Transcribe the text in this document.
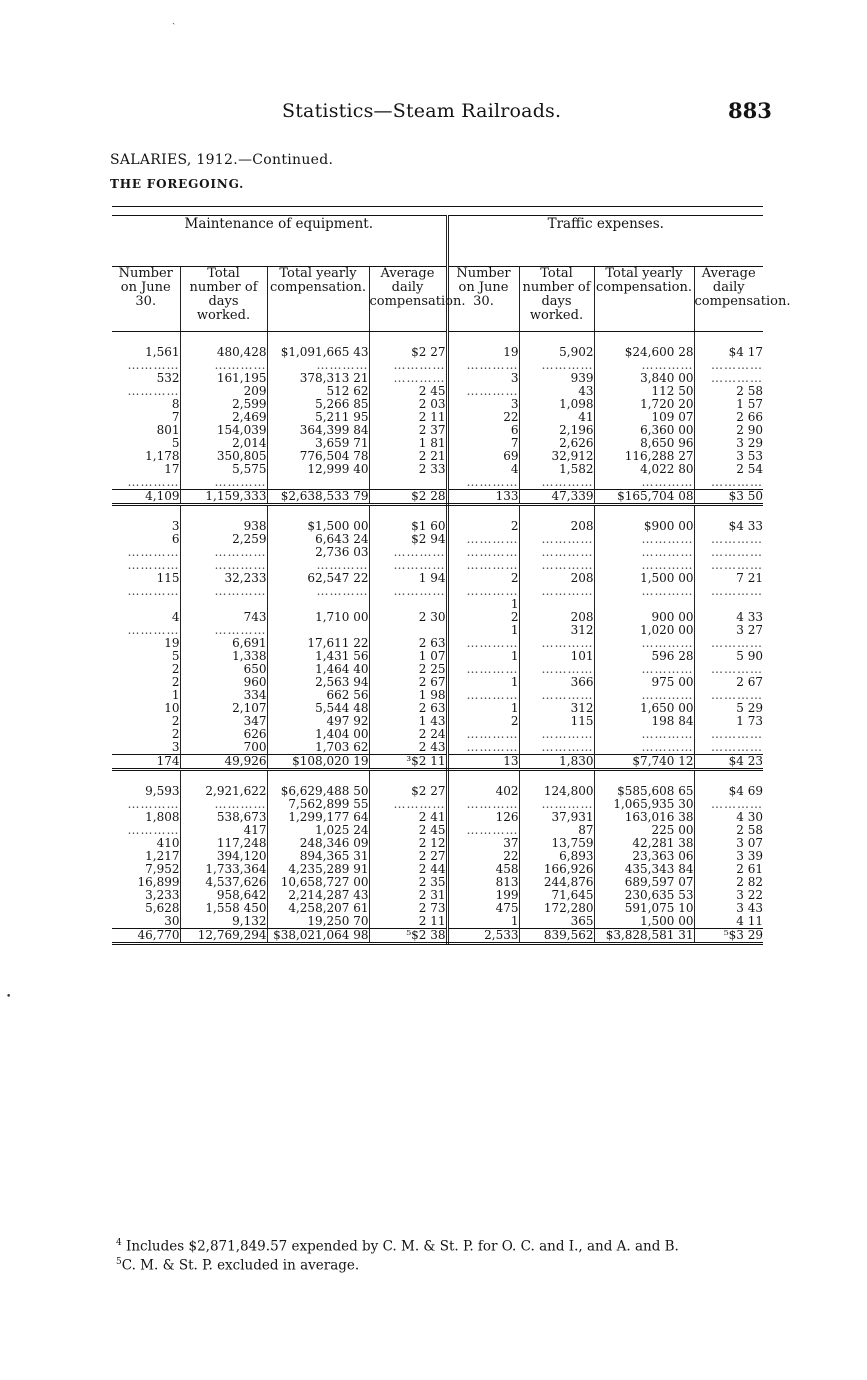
ˎ
•
Statistics—Steam Railroads.	883
SALARIES, 1912.—Continued.
THE FOREGOING.

Maintenance of equipment.				Traffic expenses.			
Number on June 30.	Total number of days worked.	Total yearly compensation.	Average daily compensation.	Number on June 30.	Total number of days worked.	Total yearly compensation.	Average daily compensation.

1,561	480,428	$1,091,665 43	$2 27	19	5,902	$24,600 28	$4 17

…………	…………	…………	…………	…………	…………	…………	…………

532	161,195	378,313 21	…………	3	939	3,840 00	…………

…………	209	512 62	2 45	…………	43	112 50	2 58

8	2,599	5,266 85	2 03	3	1,098	1,720 20	1 57
7	2,469	5,211 95	2 11	22	41	109 07	2 66
801	154,039	364,399 84	2 37	6	2,196	6,360 00	2 90
5	2,014	3,659 71	1 81	7	2,626	8,650 96	3 29
1,178	350,805	776,504 78	2 21	69	32,912	116,288 27	3 53

17	5,575	12,999 40	2 33	4	1,582	4,022 80	2 54

…………	…………			…………	…………	…………	…………

4,109	1,159,333	$2,638,533 79	$2 28	133	47,339	$165,704 08	$3 50

3	938	$1,500 00	$1 60	2	208	$900 00	$4 33
6	2,259	6,643 24	$2 94	…………	…………	…………	…………

…………	…………	2,736 03	…………	…………	…………	…………	…………

…………	…………	…………	…………	…………	…………	…………	…………

115	32,233	62,547 22	1 94	2	208	1,500 00	7 21

…………	…………	…………	…………	…………	…………	…………	…………

				1			
4	743	1,710 00	2 30	2	208	900 00	4 33

…………	…………			1	312	1,020 00	3 27

19	6,691	17,611 22	2 63	…………	…………	…………	…………

5	1,338	1,431 56	1 07	1	101	596 28	5 90
2	650	1,464 40	2 25	…………	…………	…………	…………

2	960	2,563 94	2 67	1	366	975 00	2 67
1	334	662 56	1 98	…………	…………	…………	…………

10	2,107	5,544 48	2 63	1	312	1,650 00	5 29
2	347	497 92	1 43	2	115	198 84	1 73
2	626	1,404 00	2 24	…………	…………	…………	…………

3	700	1,703 62	2 43	…………	…………	…………	…………

174	49,926	$108,020 19	³$2 11	13	1,830	$7,740 12	$4 23

9,593	2,921,622	$6,629,488 50	$2 27	402	124,800	$585,608 65	$4 69

…………	…………	7,562,899 55	…………	…………	…………	1,065,935 30	…………

1,808	538,673	1,299,177 64	2 41	126	37,931	163,016 38	4 30

…………	417	1,025 24	2 45	…………	87	225 00	2 58

410	117,248	248,346 09	2 12	37	13,759	42,281 38	3 07
1,217	394,120	894,365 31	2 27	22	6,893	23,363 06	3 39
7,952	1,733,364	4,235,289 91	2 44	458	166,926	435,343 84	2 61
16,899	4,537,626	10,658,727 00	2 35	813	244,876	689,597 07	2 82
3,233	958,642	2,214,287 43	2 31	199	71,645	230,635 53	3 22

5,628	1,558 450	4,258,207 61	2 73	475	172,280	591,075 10	3 43
30	9,132	19,250 70	2 11	1	365	1,500 00	4 11
46,770	12,769,294	$38,021,064 98	⁵$2 38	2,533	839,562	$3,828,581 31	⁵$3 29

$^4$ Includes $2,871,849.57 expended by C. M. & St. P. for O. C. and I., and A. and B.
$^5$C. M. & St. P. excluded in average.
